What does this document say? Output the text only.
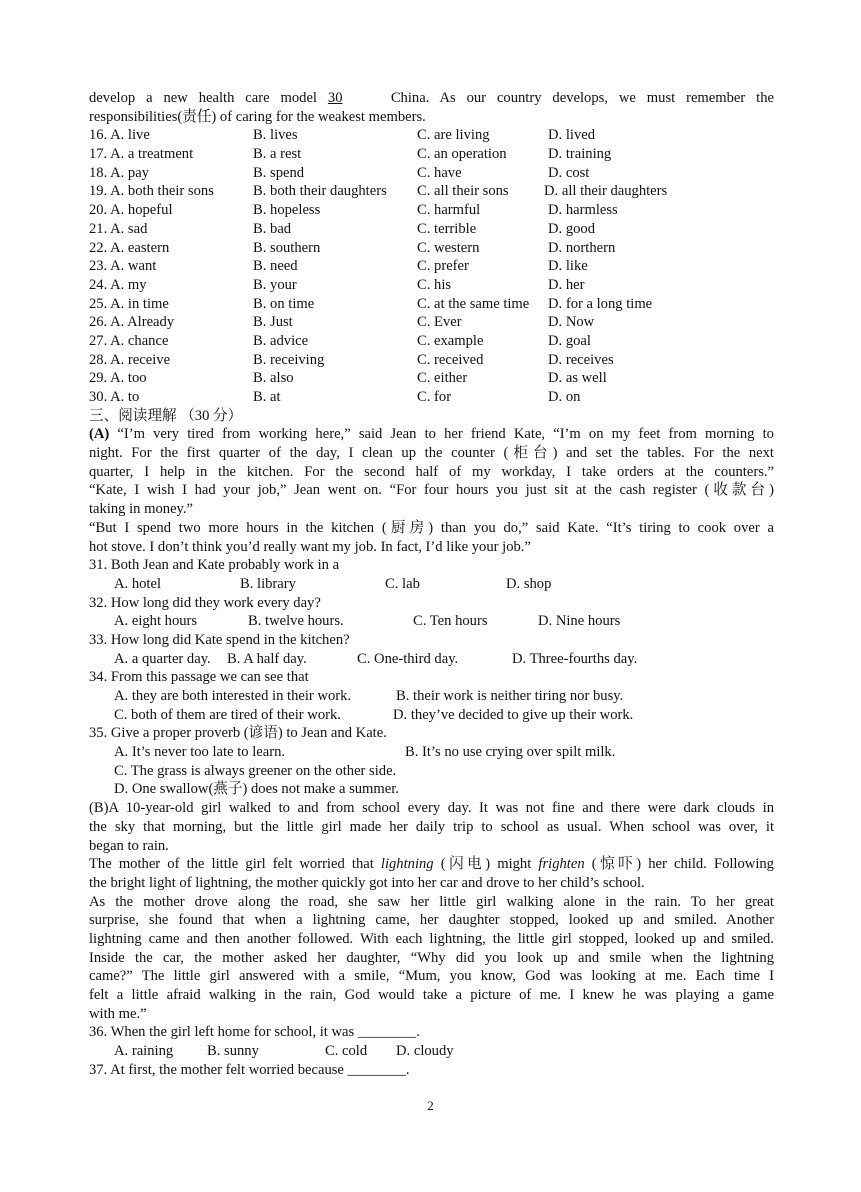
develop a new health care model 30	China. As our country develops, we must remember the
responsibilities(责任) of caring for the weakest members.
16. A. live	B. lives	C. are living	D. lived
17. A. a treatment	B. a rest	C. an operation	D. training
18. A. pay	B. spend	C. have	D. cost
19. A. both their sons	B. both their daughters C. all their sons D. all their daughters
20. A. hopeful	B. hopeless	C. harmful	D. harmless
21. A. sad	B. bad	C. terrible	D. good
22. A. eastern	B. southern	C. western	D. northern
23. A. want	B. need	C. prefer	D. like
24. A. my	B. your	C. his	D. her
25. A. in time	B. on time	C. at the same time D. for a long time
26. A. Already	B. Just	C. Ever	D. Now
27. A. chance	B. advice	C. example	D. goal
28. A. receive	B. receiving	C. received	D. receives
29. A. too	B. also	C. either	D. as well
30. A. to	B. at	C. for	D. on
三、阅读理解 （30 分）
(A) “I’m very tired from working here,” said Jean to her friend Kate, “I’m on my feet from morning to
night. For the first quarter of the day, I clean up the counter (柜台) and set the tables. For the next
quarter, I help in the kitchen. For the second half of my workday, I take orders at the counters.”
“Kate, I wish I had your job,” Jean went on. “For four hours you just sit at the cash register (收款台)
taking in money.”
“But I spend two more hours in the kitchen (厨房) than you do,” said Kate. “It’s tiring to cook over a
hot stove. I don’t think you’d really want my job. In fact, I’d like your job.”
31. Both Jean and Kate probably work in a
A. hotel	B. library	C. lab	D. shop
32. How long did they work every day?
A. eight hours	B. twelve hours.	C. Ten hours	D. Nine hours
33. How long did Kate spend in the kitchen?
A. a quarter day. B. A half day.	C. One-third day.	D. Three-fourths day.
34. From this passage we can see that
A. they are both interested in their work.	B. their work is neither tiring nor busy.
C. both of them are tired of their work.	D. they’ve decided to give up their work.
35. Give a proper proverb (谚语) to Jean and Kate.
A. It’s never too late to learn.	B. It’s no use crying over spilt milk.
C. The grass is always greener on the other side.
D. One swallow(燕子) does not make a summer.
(B)A 10-year-old girl walked to and from school every day. It was not fine and there were dark clouds in
the sky that morning, but the little girl made her daily trip to school as usual. When school was over, it
began to rain.
The mother of the little girl felt worried that lightning (闪电) might frighten (惊吓) her child. Following
the bright light of lightning, the mother quickly got into her car and drove to her child’s school.
As the mother drove along the road, she saw her little girl walking alone in the rain. To her great
surprise, she found that when a lightning came, her daughter stopped, looked up and smiled. Another
lightning came and then another followed. With each lightning, the little girl stopped, looked up and smiled.
Inside the car, the mother asked her daughter, “Why did you look up and smile when the lightning
came?” The little girl answered with a smile, “Mum, you know, God was looking at me. Each time I
felt a little afraid walking in the rain, God would take a picture of me. I knew he was playing a game
with me.”
36. When the girl left home for school, it was ________.
A. raining B. sunny	C. cold D. cloudy
37. At first, the mother felt worried because ________.
2
